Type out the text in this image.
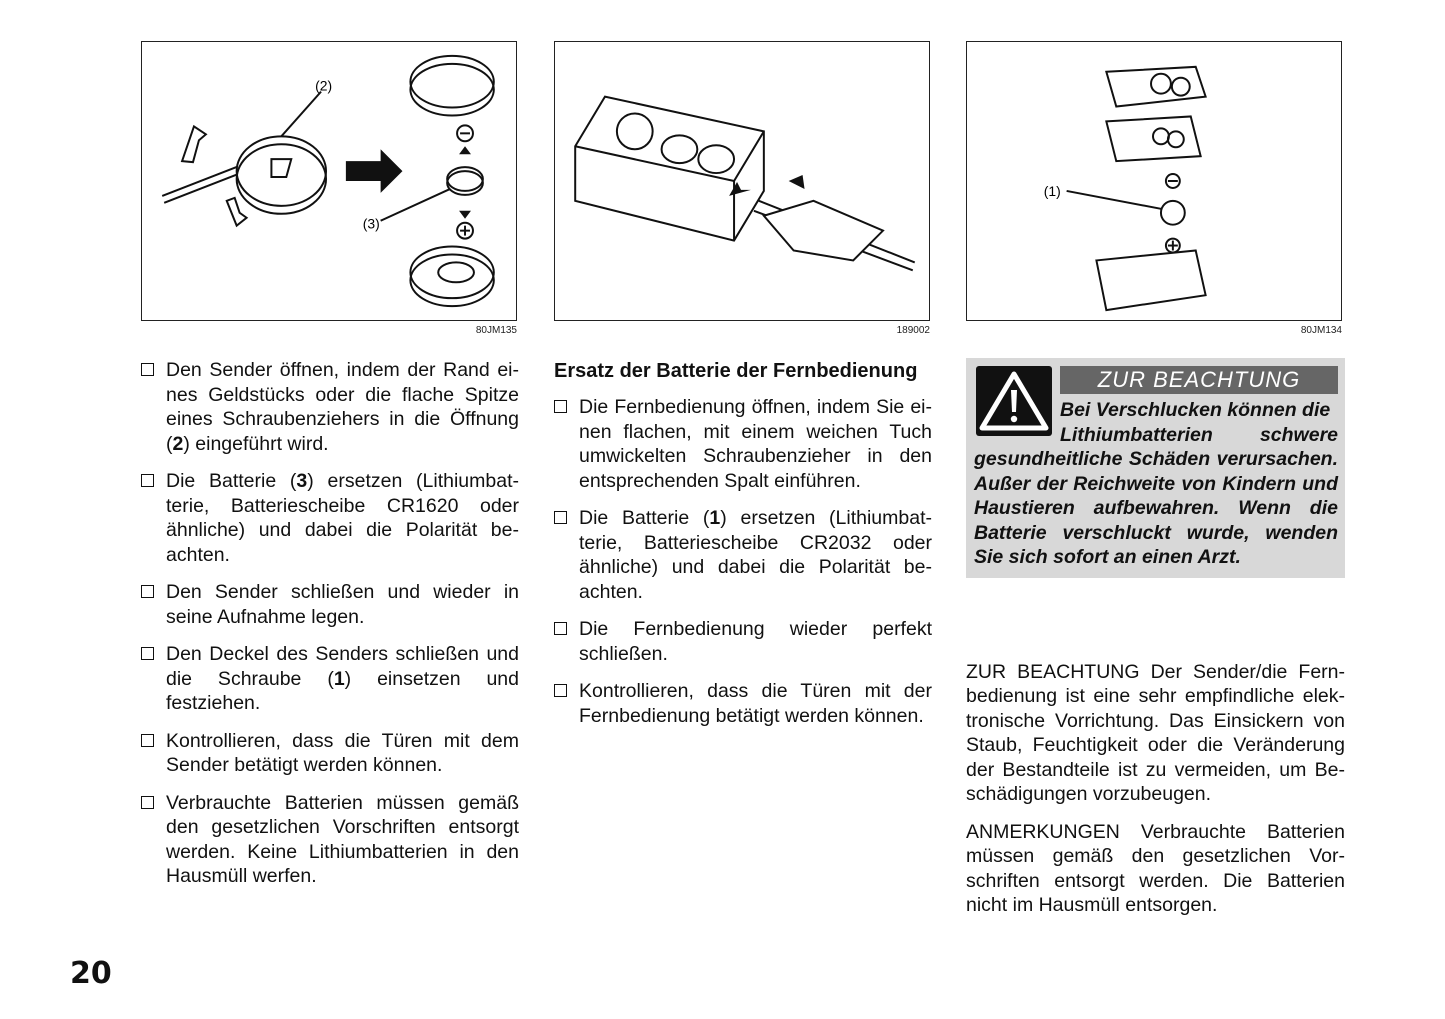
(2)
(3)
80JM135	189002
(1)
80JM134

Den Sender öffnen, indem der Rand eines Geldstücks oder die flache Spitze eines Schraubenziehers in die Öffnung (2) eingeführt wird.

Die Batterie (3) ersetzen (Lithiumbatterie, Batteriescheibe CR1620 oder ähnliche) und dabei die Polarität beachten.

Den Sender schließen und wieder in seine Aufnahme legen.

Den Deckel des Senders schließen und die Schraube (1) einsetzen und festziehen.

Kontrollieren, dass die Türen mit dem Sender betätigt werden können.

Verbrauchte Batterien müssen gemäß den gesetzlichen Vorschriften entsorgt werden. Keine Lithiumbatterien in den Hausmüll werfen.

Ersatz der Batterie der Fernbedienung

Die Fernbedienung öffnen, indem Sie einen flachen, mit einem weichen Tuch umwickelten Schraubenzieher in den entsprechenden Spalt einführen.

Die Batterie (1) ersetzen (Lithiumbatterie, Batteriescheibe CR2032 oder ähnliche) und dabei die Polarität beachten.

Die Fernbedienung wieder perfekt schließen.

Kontrollieren, dass die Türen mit der Fernbedienung betätigt werden können.

ZUR BEACHTUNG
Bei Verschlucken können die
Lithiumbatterien schwere
gesundheitliche Schäden verursachen. Außer der Reichweite von Kindern und Haustieren aufbewahren. Wenn die Batterie verschluckt wurde, wenden Sie sich sofort an einen Arzt.

ZUR BEACHTUNG Der Sender/die Fernbedienung ist eine sehr empfindliche elektronische Vorrichtung. Das Einsickern von Staub, Feuchtigkeit oder die Veränderung der Bestandteile ist zu vermeiden, um Beschädigungen vorzubeugen.

ANMERKUNGEN Verbrauchte Batterien müssen gemäß den gesetzlichen Vorschriften entsorgt werden. Die Batterien nicht im Hausmüll entsorgen.

20
